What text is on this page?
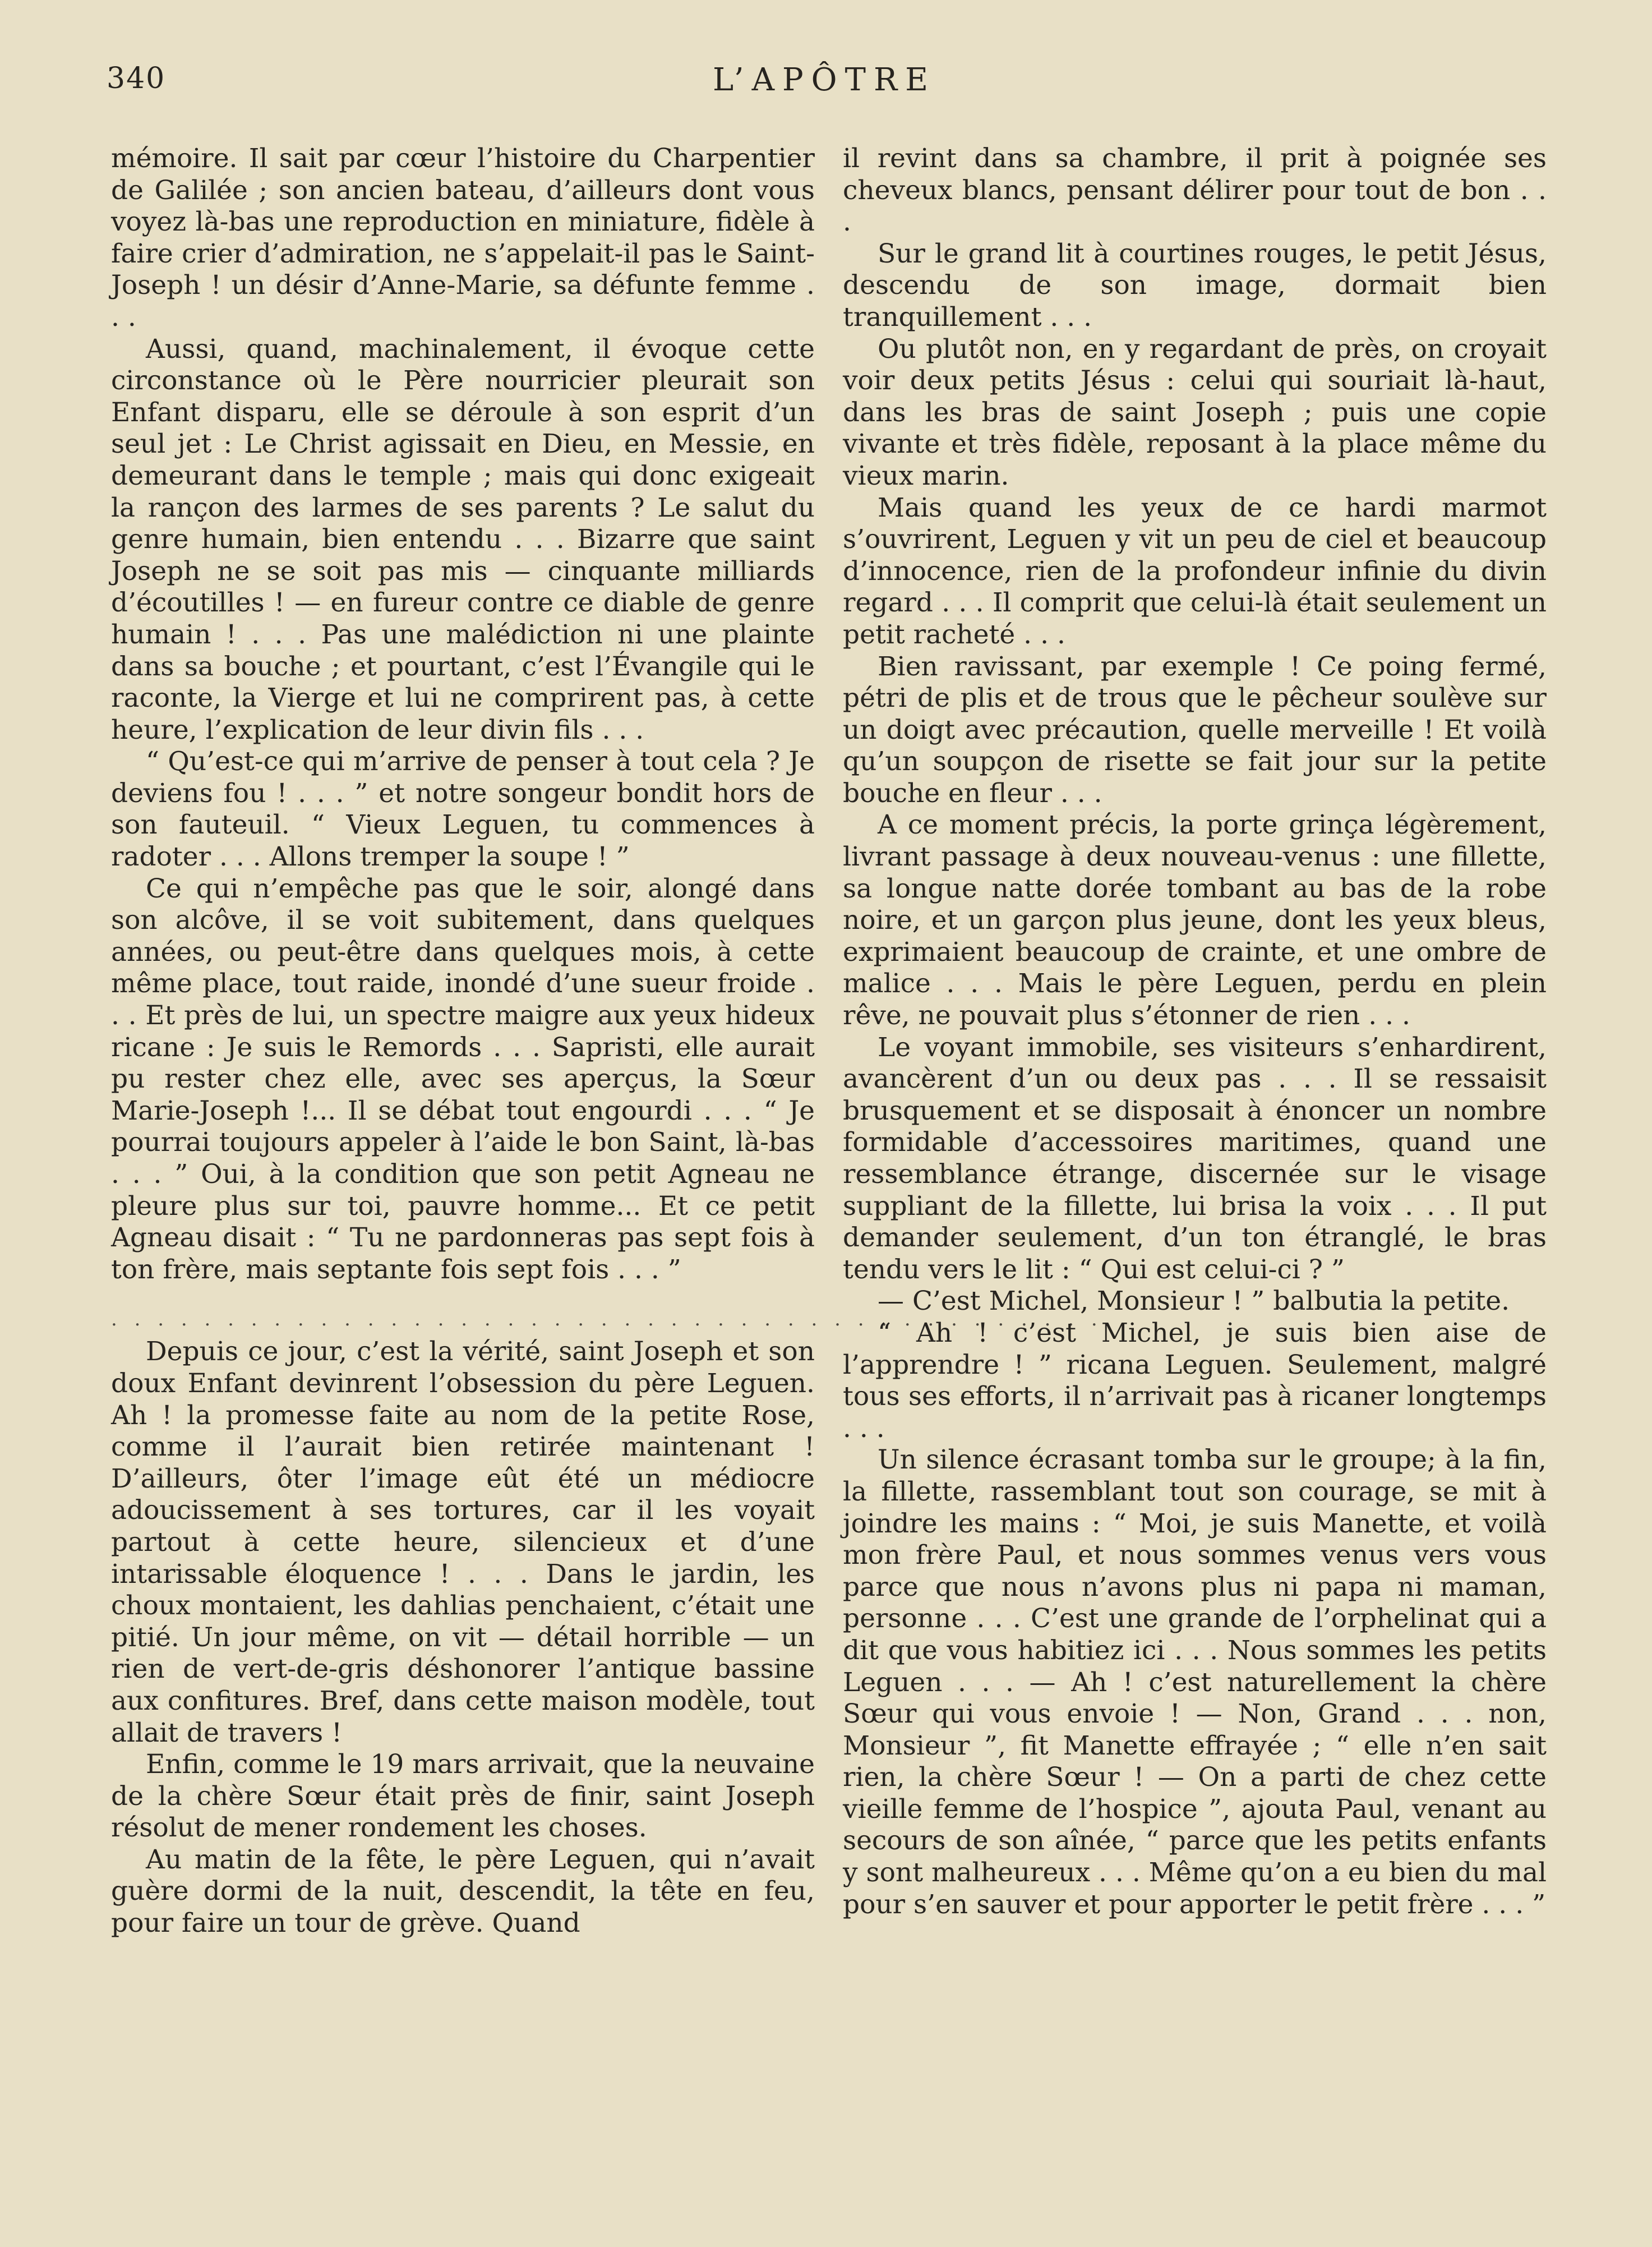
340	L’APÔTRE

mémoire. Il sait par cœur l’histoire du Charpentier de Galilée ; son ancien bateau, d’ailleurs dont vous voyez là-bas une reproduction en miniature, fidèle à faire crier d’admiration, ne s’appelait-il pas le Saint-Joseph ! un désir d’Anne-Marie, sa défunte femme . . .

Aussi, quand, machinalement, il évoque cette circonstance où le Père nourricier pleurait son Enfant disparu, elle se déroule à son esprit d’un seul jet : Le Christ agissait en Dieu, en Messie, en demeurant dans le temple ; mais qui donc exigeait la rançon des larmes de ses parents ? Le salut du genre humain, bien entendu . . . Bizarre que saint Joseph ne se soit pas mis — cinquante milliards d’écoutilles ! — en fureur contre ce diable de genre humain ! . . . Pas une malédiction ni une plainte dans sa bouche ; et pourtant, c’est l’Évangile qui le raconte, la Vierge et lui ne comprirent pas, à cette heure, l’explication de leur divin fils . . .

“ Qu’est-ce qui m’arrive de penser à tout cela ? Je deviens fou ! . . . ” et notre songeur bondit hors de son fauteuil. “ Vieux Leguen, tu commences à radoter . . . Allons tremper la soupe ! ”

Ce qui n’empêche pas que le soir, alongé dans son alcôve, il se voit subitement, dans quelques années, ou peut-être dans quelques mois, à cette même place, tout raide, inondé d’une sueur froide . . . Et près de lui, un spectre maigre aux yeux hideux ricane : Je suis le Remords . . . Sapristi, elle aurait pu rester chez elle, avec ses aperçus, la Sœur Marie-Joseph !... Il se débat tout engourdi . . . “ Je pourrai toujours appeler à l’aide le bon Saint, là-bas . . . ” Oui, à la condition que son petit Agneau ne pleure plus sur toi, pauvre homme... Et ce petit Agneau disait : “ Tu ne pardonneras pas sept fois à ton frère, mais septante fois sept fois . . . ”

. . . . . . . . . . . . . . . . . . . . . . . . . . . . . . . . . . . . . . . . . . .

Depuis ce jour, c’est la vérité, saint Joseph et son doux Enfant devinrent l’obsession du père Leguen. Ah ! la promesse faite au nom de la petite Rose, comme il l’aurait bien retirée maintenant ! D’ailleurs, ôter l’image eût été un médiocre adoucissement à ses tortures, car il les voyait partout à cette heure, silencieux et d’une intarissable éloquence ! . . . Dans le jardin, les choux montaient, les dahlias penchaient, c’était une pitié. Un jour même, on vit — détail horrible — un rien de vert-de-gris déshonorer l’antique bassine aux confitures. Bref, dans cette maison modèle, tout allait de travers !

Enfin, comme le 19 mars arrivait, que la neuvaine de la chère Sœur était près de finir, saint Joseph résolut de mener rondement les choses.

Au matin de la fête, le père Leguen, qui n’avait guère dormi de la nuit, descendit, la tête en feu, pour faire un tour de grève. Quand

il revint dans sa chambre, il prit à poignée ses cheveux blancs, pensant délirer pour tout de bon . . .

Sur le grand lit à courtines rouges, le petit Jésus, descendu de son image, dormait bien tranquillement . . .

Ou plutôt non, en y regardant de près, on croyait voir deux petits Jésus : celui qui souriait là-haut, dans les bras de saint Joseph ; puis une copie vivante et très fidèle, reposant à la place même du vieux marin.

Mais quand les yeux de ce hardi marmot s’ouvrirent, Leguen y vit un peu de ciel et beaucoup d’innocence, rien de la profondeur infinie du divin regard . . . Il comprit que celui-là était seulement un petit racheté . . .

Bien ravissant, par exemple ! Ce poing fermé, pétri de plis et de trous que le pêcheur soulève sur un doigt avec précaution, quelle merveille ! Et voilà qu’un soupçon de risette se fait jour sur la petite bouche en fleur . . .

A ce moment précis, la porte grinça légèrement, livrant passage à deux nouveau-venus : une fillette, sa longue natte dorée tombant au bas de la robe noire, et un garçon plus jeune, dont les yeux bleus, exprimaient beaucoup de crainte, et une ombre de malice . . . Mais le père Leguen, perdu en plein rêve, ne pouvait plus s’étonner de rien . . .

Le voyant immobile, ses visiteurs s’enhardirent, avancèrent d’un ou deux pas . . . Il se ressaisit brusquement et se disposait à énoncer un nombre formidable d’accessoires maritimes, quand une ressemblance étrange, discernée sur le visage suppliant de la fillette, lui brisa la voix . . . Il put demander seulement, d’un ton étranglé, le bras tendu vers le lit : “ Qui est celui-ci ? ”

— C’est Michel, Monsieur ! ” balbutia la petite.

“ Ah ! c’est Michel, je suis bien aise de l’apprendre ! ” ricana Leguen. Seulement, malgré tous ses efforts, il n’arrivait pas à ricaner longtemps . . .

Un silence écrasant tomba sur le groupe; à la fin, la fillette, rassemblant tout son courage, se mit à joindre les mains : “ Moi, je suis Manette, et voilà mon frère Paul, et nous sommes venus vers vous parce que nous n’avons plus ni papa ni maman, personne . . . C’est une grande de l’orphelinat qui a dit que vous habitiez ici . . . Nous sommes les petits Leguen . . . — Ah ! c’est naturellement la chère Sœur qui vous envoie ! — Non, Grand . . . non, Monsieur ”, fit Manette effrayée ; “ elle n’en sait rien, la chère Sœur ! — On a parti de chez cette vieille femme de l’hospice ”, ajouta Paul, venant au secours de son aînée, “ parce que les petits enfants y sont malheureux . . . Même qu’on a eu bien du mal pour s’en sauver et pour apporter le petit frère . . . ”
